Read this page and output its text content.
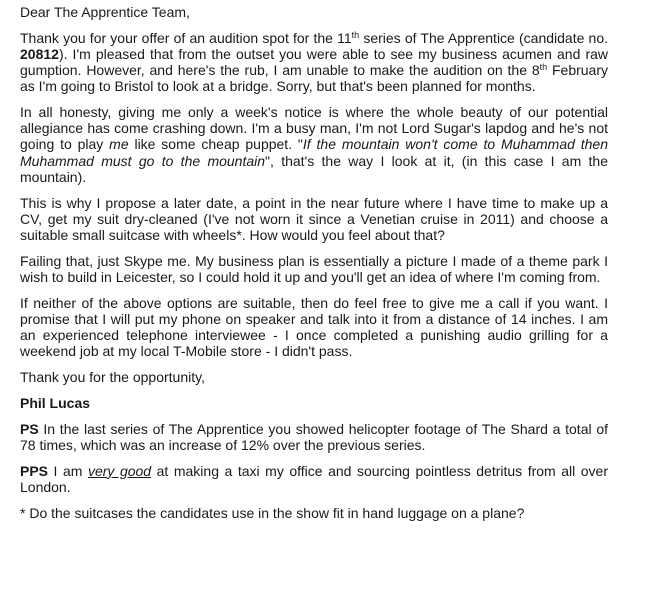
Dear The Apprentice Team,

Thank you for your offer of an audition spot for the 11th series of The Apprentice (candidate no. 20812). I'm pleased that from the outset you were able to see my business acumen and raw gumption. However, and here's the rub, I am unable to make the audition on the 8th February as I'm going to Bristol to look at a bridge. Sorry, but that's been planned for months.

In all honesty, giving me only a week's notice is where the whole beauty of our potential allegiance has come crashing down. I'm a busy man, I'm not Lord Sugar's lapdog and he's not going to play me like some cheap puppet. "If the mountain won't come to Muhammad then Muhammad must go to the mountain", that's the way I look at it, (in this case I am the mountain).

This is why I propose a later date, a point in the near future where I have time to make up a CV, get my suit dry-cleaned (I've not worn it since a Venetian cruise in 2011) and choose a suitable small suitcase with wheels*. How would you feel about that?

Failing that, just Skype me. My business plan is essentially a picture I made of a theme park I wish to build in Leicester, so I could hold it up and you'll get an idea of where I'm coming from.

If neither of the above options are suitable, then do feel free to give me a call if you want. I promise that I will put my phone on speaker and talk into it from a distance of 14 inches. I am an experienced telephone interviewee - I once completed a punishing audio grilling for a weekend job at my local T-Mobile store - I didn't pass.

Thank you for the opportunity,

Phil Lucas

PS In the last series of The Apprentice you showed helicopter footage of The Shard a total of 78 times, which was an increase of 12% over the previous series.

PPS I am very good at making a taxi my office and sourcing pointless detritus from all over London.

* Do the suitcases the candidates use in the show fit in hand luggage on a plane?
